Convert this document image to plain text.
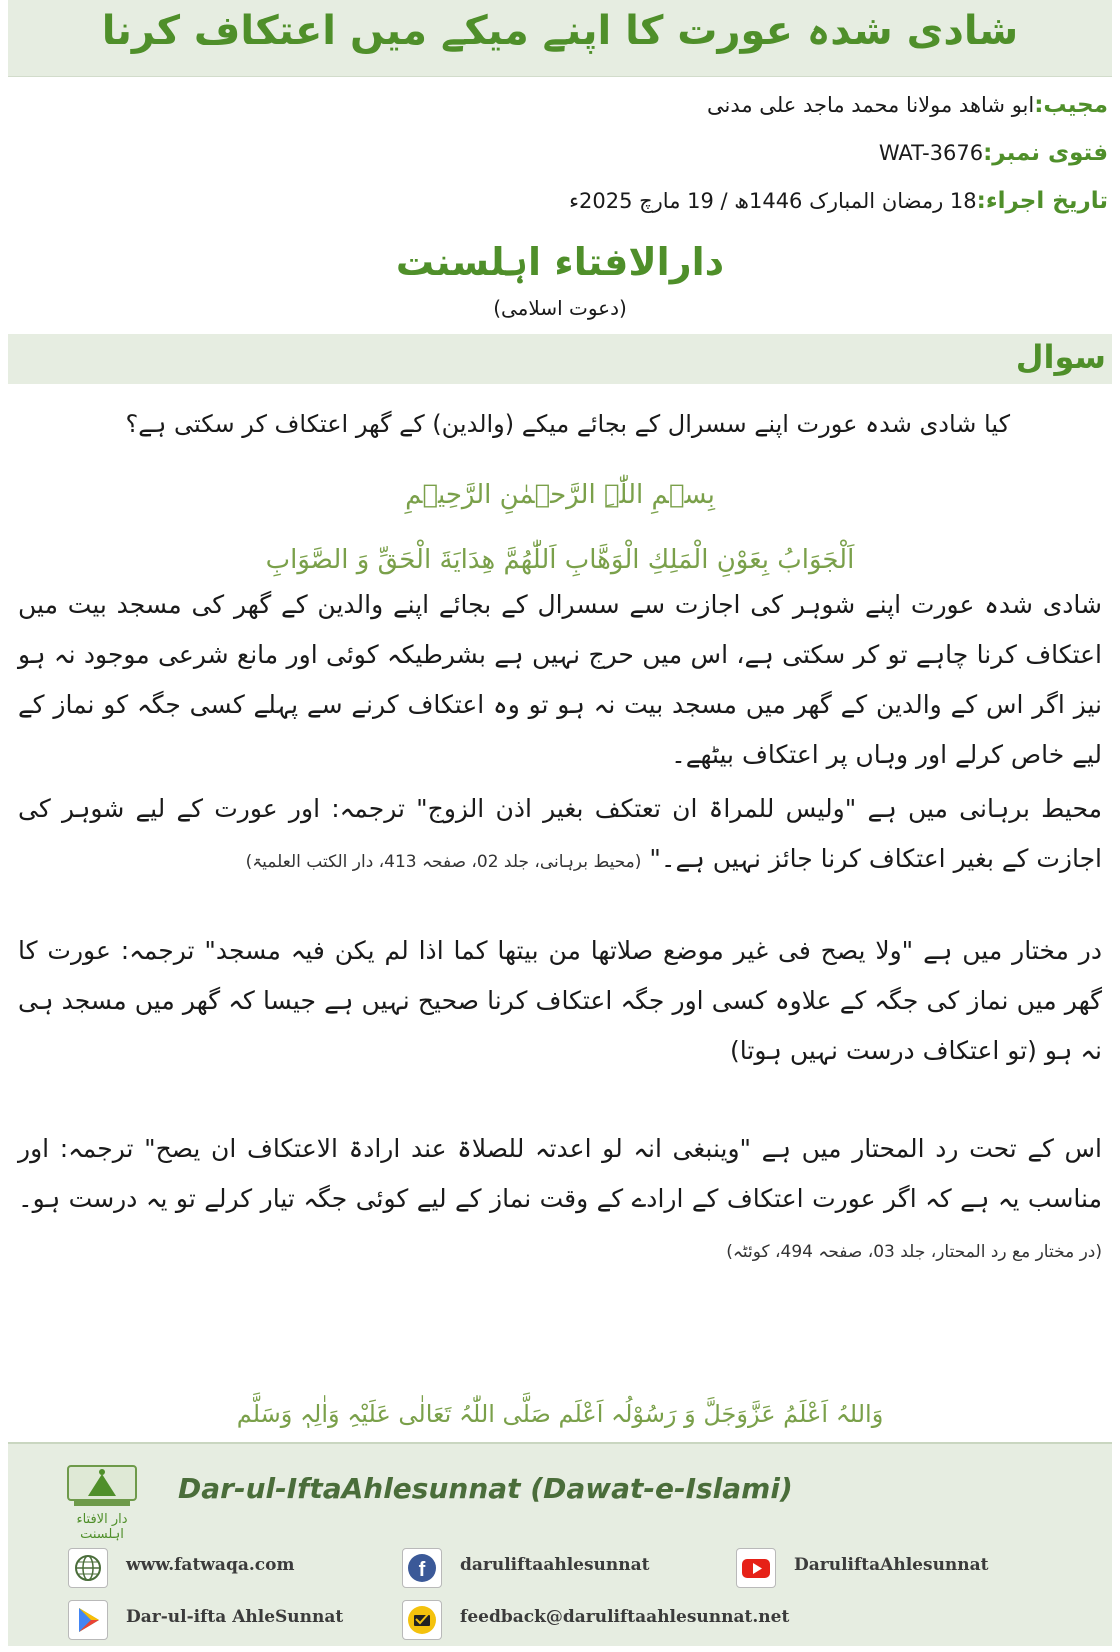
شادی شدہ عورت کا اپنے میکے میں اعتکاف کرنا
مجیب:ابو شاھد مولانا محمد ماجد علی مدنی
فتوی نمبر:WAT-3676
تاریخ اجراء:18 رمضان المبارک 1446ھ / 19 مارچ 2025ء
دارالافتاء اہلسنت
(دعوت اسلامی)
سوال
کیا شادی شدہ عورت اپنے سسرال کے بجائے میکے (والدین) کے گھر اعتکاف کر سکتی ہے؟
بِسۡمِ اللّٰہِ الرَّحۡمٰنِ الرَّحِیۡمِ
اَلْجَوَابُ بِعَوْنِ الْمَلِكِ الْوَهَّابِ اَللّٰهُمَّ هِدَايَةَ الْحَقِّ وَ الصَّوَابِ
شادی شدہ عورت اپنے شوہر کی اجازت سے سسرال کے بجائے اپنے والدین کے گھر کی مسجد بیت میں اعتکاف کرنا چاہے تو کر سکتی ہے، اس میں حرج نہیں ہے بشرطیکہ کوئی اور مانع شرعی موجود نہ ہو نیز اگر اس کے والدین کے گھر میں مسجد بیت نہ ہو تو وہ اعتکاف کرنے سے پہلے کسی جگہ کو نماز کے لیے خاص کرلے اور وہاں پر اعتکاف بیٹھے۔
محیط برہانی میں ہے "ولیس للمراۃ ان تعتکف بغیر اذن الزوج" ترجمہ: اور عورت کے لیے شوہر کی اجازت کے بغیر اعتکاف کرنا جائز نہیں ہے۔" (محیط برہانی، جلد 02، صفحہ 413، دار الکتب العلمیۃ)
در مختار میں ہے "ولا یصح فی غیر موضع صلاتھا من بیتھا کما اذا لم یکن فیہ مسجد" ترجمہ: عورت کا گھر میں نماز کی جگہ کے علاوہ کسی اور جگہ اعتکاف کرنا صحیح نہیں ہے جیسا کہ گھر میں مسجد ہی نہ ہو (تو اعتکاف درست نہیں ہوتا)
اس کے تحت رد المحتار میں ہے "وینبغی انہ لو اعدتہ للصلاۃ عند ارادۃ الاعتکاف ان یصح" ترجمہ: اور مناسب یہ ہے کہ اگر عورت اعتکاف کے ارادے کے وقت نماز کے لیے کوئی جگہ تیار کرلے تو یہ درست ہو۔ (در مختار مع رد المحتار، جلد 03، صفحہ 494، کوئٹہ)
وَاللہُ اَعْلَمُ عَزَّوَجَلَّ وَ رَسُوْلُہ اَعْلَم صَلَّی اللّٰہُ تَعَالٰی عَلَیْہِ وَاٰلِہٖ وَسَلَّم
دار الافتاء اہلسنت
Dar-ul-IftaAhlesunnat (Dawat-e-Islami)
www.fatwaqa.com	f daruliftaahlesunnat	DaruliftaAhlesunnat
Dar-ul-ifta AhleSunnat	feedback@daruliftaahlesunnat.net
